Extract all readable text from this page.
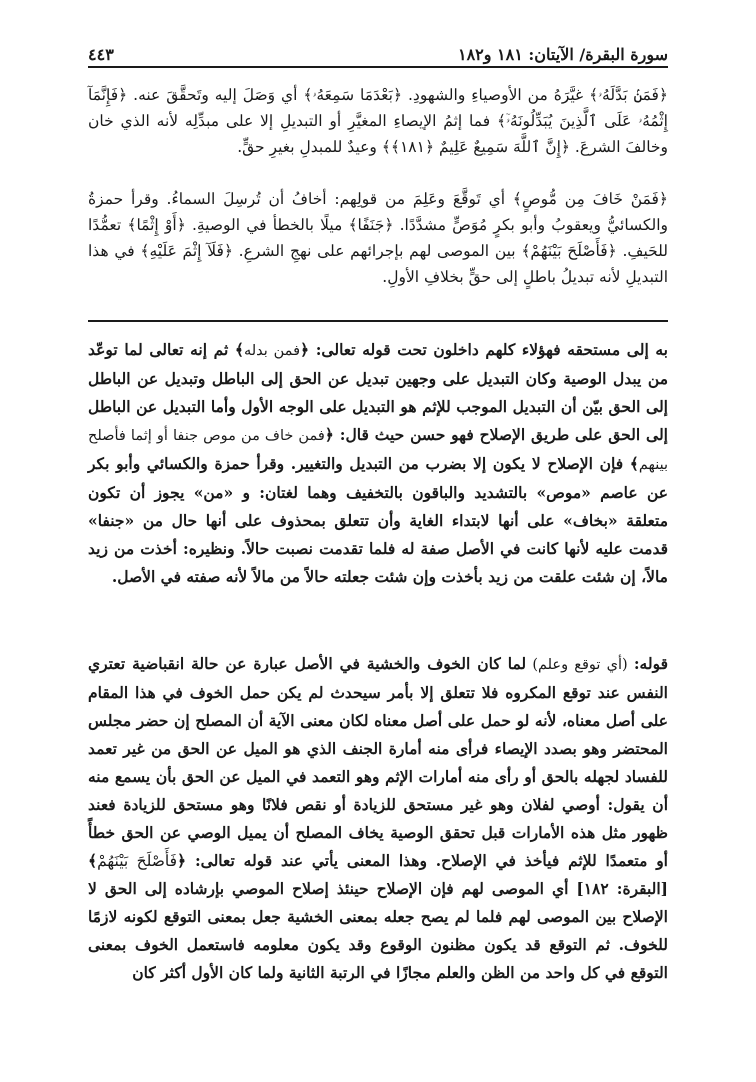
سورة البقرة/ الآيتان: ١٨١ و١٨٢
٤٤٣

﴿فَمَنۢ بَدَّلَهُۥ﴾ غيَّرَهُ من الأوصياءِ والشهودِ. ﴿بَعْدَمَا سَمِعَهُۥ﴾ أي وَصَلَ إليه وتَحقَّقَ عنه. ﴿فَإِنَّمَآ إِثْمُهُۥ عَلَى ٱلَّذِينَ يُبَدِّلُونَهُۥٓ﴾ فما إثمُ الإيصاءِ المغيَّرِ أو التبديلِ إلا على مبدِّلِه لأنه الذي خان وخالفَ الشرعَ. ﴿إِنَّ ٱللَّهَ سَمِيعٌ عَلِيمٌ ﴿١٨١﴾﴾ وعيدٌ للمبدلِ بغيرِ حقٍّ.

﴿فَمَنْ خَافَ مِن مُّوصٍ﴾ أي تَوقَّعَ وعَلِمَ من قولِهم: أخافُ أن تُرسِلَ السماءُ. وقرأ حمزةُ والكسائيُّ ويعقوبُ وأبو بكرٍ مُوَصٍّ مشدَّدًا. ﴿جَنَفًا﴾ ميلًا بالخطأ في الوصيةِ. ﴿أَوْ إِثْمًا﴾ تعمُّدًا للحَيفِ. ﴿فَأَصْلَحَ بَيْنَهُمْ﴾ بين الموصى لهم بإجرائهم على نهجِ الشرعِ. ﴿فَلَآ إِثْمَ عَلَيْهِ﴾ في هذا التبديلِ لأنه تبديلُ باطلٍ إلى حقٍّ بخلافِ الأولِ.

به إلى مستحقه فهؤلاء كلهم داخلون تحت قوله تعالى: ﴿فمن بدله﴾ ثم إنه تعالى لما توعّد من يبدل الوصية وكان التبديل على وجهين تبديل عن الحق إلى الباطل وتبديل عن الباطل إلى الحق بيّن أن التبديل الموجب للإثم هو التبديل على الوجه الأول وأما التبديل عن الباطل إلى الحق على طريق الإصلاح فهو حسن حيث قال: ﴿فمن خاف من موص جنفا أو إثما فأصلح بينهم﴾ فإن الإصلاح لا يكون إلا بضرب من التبديل والتغيير. وقرأ حمزة والكسائي وأبو بكر عن عاصم «موص» بالتشديد والباقون بالتخفيف وهما لغتان: و «من» يجوز أن تكون متعلقة «بخاف» على أنها لابتداء الغاية وأن تتعلق بمحذوف على أنها حال من «جنفا» قدمت عليه لأنها كانت في الأصل صفة له فلما تقدمت نصبت حالاً. ونظيره: أخذت من زيد مالاً، إن شئت علقت من زيد بأخذت وإن شئت جعلته حالاً من مالاً لأنه صفته في الأصل.

قوله: (أي توقع وعلم) لما كان الخوف والخشية في الأصل عبارة عن حالة انقباضية تعتري النفس عند توقع المكروه فلا تتعلق إلا بأمر سيحدث لم يكن حمل الخوف في هذا المقام على أصل معناه، لأنه لو حمل على أصل معناه لكان معنى الآية أن المصلح إن حضر مجلس المحتضر وهو بصدد الإيصاء فرأى منه أمارة الجنف الذي هو الميل عن الحق من غير تعمد للفساد لجهله بالحق أو رأى منه أمارات الإثم وهو التعمد في الميل عن الحق بأن يسمع منه أن يقول: أوصي لفلان وهو غير مستحق للزيادة أو نقص فلانًا وهو مستحق للزيادة فعند ظهور مثل هذه الأمارات قبل تحقق الوصية يخاف المصلح أن يميل الوصي عن الحق خطأً أو متعمدًا للإثم فيأخذ في الإصلاح. وهذا المعنى يأتي عند قوله تعالى: ﴿فَأَصْلَحَ بَيْنَهُمْ﴾ [البقرة: ١٨٢] أي الموصى لهم فإن الإصلاح حينئذ إصلاح الموصي بإرشاده إلى الحق لا الإصلاح بين الموصى لهم فلما لم يصح جعله بمعنى الخشية جعل بمعنى التوقع لكونه لازمًا للخوف. ثم التوقع قد يكون مظنون الوقوع وقد يكون معلومه فاستعمل الخوف بمعنى التوقع في كل واحد من الظن والعلم مجازًا في الرتبة الثانية ولما كان الأول أكثر كان
